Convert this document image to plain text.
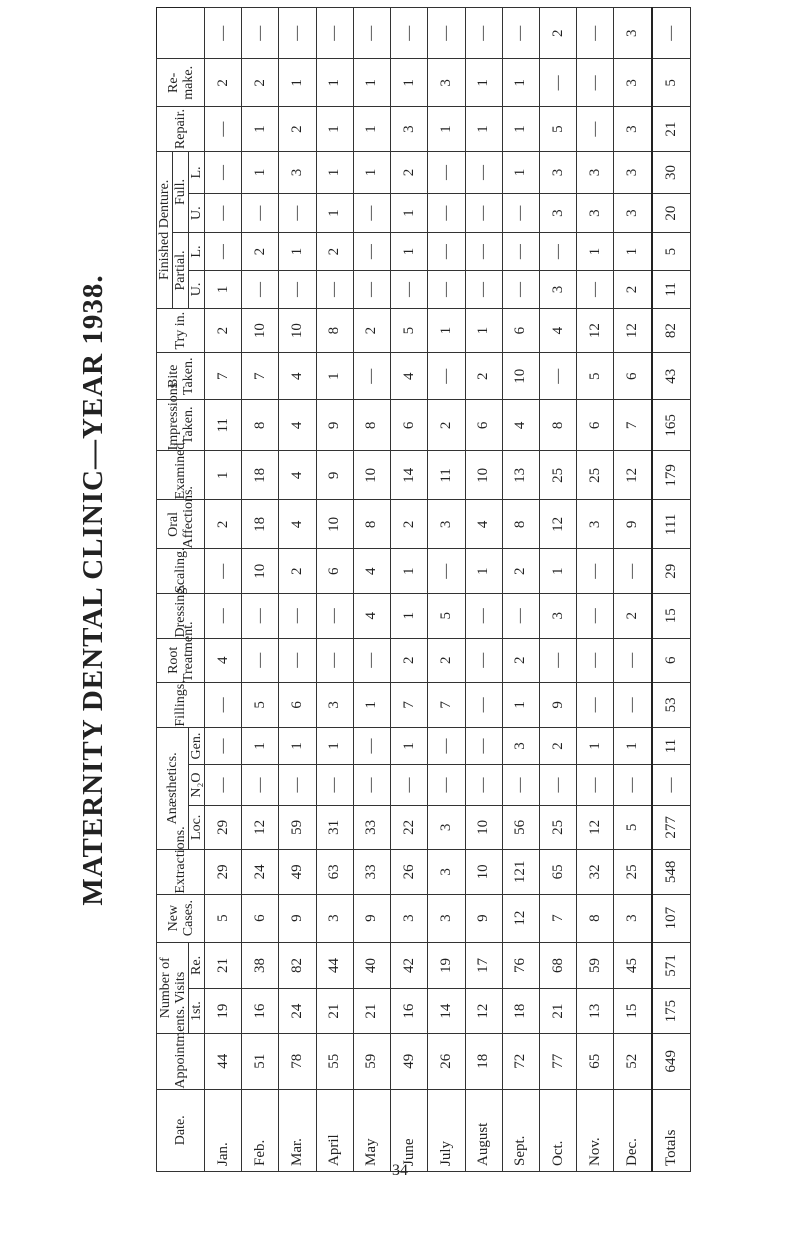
MATERNITY DENTAL CLINIC—YEAR 1938.
Date.	Appointments.	Number of Visits		New Cases.	Extractions.	Anæsthetics.			Fillings.	Root Treatment.	Dressing.	Scaling.	Oral Affections.	Examined.	Impressions Taken.	Bite Taken.	Try in.	Finished Denture.				Repair.	Re-make.	
																		Partial.		Full.				
		1st.	Re.			Loc.	N₂O	Gen.										U.	L.	U.	L.			
Jan.	44	19	21	5	29	29	—	—	—	4	—	—	2	1	11	7	2	1	—	—	—	—	2	—
Feb.	51	16	38	6	24	12	—	1	5	—	—	10	18	18	8	7	10	—	2	—	1	1	2	—
Mar.	78	24	82	9	49	59	—	1	6	—	—	2	4	4	4	4	10	—	1	—	3	2	1	—
April	55	21	44	3	63	31	—	1	3	—	—	6	10	9	9	1	8	—	2	1	1	1	1	—
May	59	21	40	9	33	33	—	—	1	—	4	4	8	10	8	—	2	—	—	—	1	1	1	—
June	49	16	42	3	26	22	—	1	7	2	1	1	2	14	6	4	5	—	1	1	2	3	1	—
July	26	14	19	3	3	3	—	—	7	2	5	—	3	11	2	—	1	—	—	—	—	1	3	—
August	18	12	17	9	10	10	—	—	—	—	—	1	4	10	6	2	1	—	—	—	—	1	1	—
Sept.	72	18	76	12	121	56	—	3	1	2	—	2	8	13	4	10	6	—	—	—	1	1	1	—
Oct.	77	21	68	7	65	25	—	2	9	—	3	1	12	25	8	—	4	3	—	3	3	5	—	2
Nov.	65	13	59	8	32	12	—	1	—	—	—	—	3	25	6	5	12	—	1	3	3	—	—	—
Dec.	52	15	45	3	25	5	—	1	—	—	2	—	9	12	7	6	12	2	1	3	3	3	3	3
Totals	649	175	571	107	548	277	—	11	53	6	15	29	111	179	165	43	82	11	5	20	30	21	5	—
34
